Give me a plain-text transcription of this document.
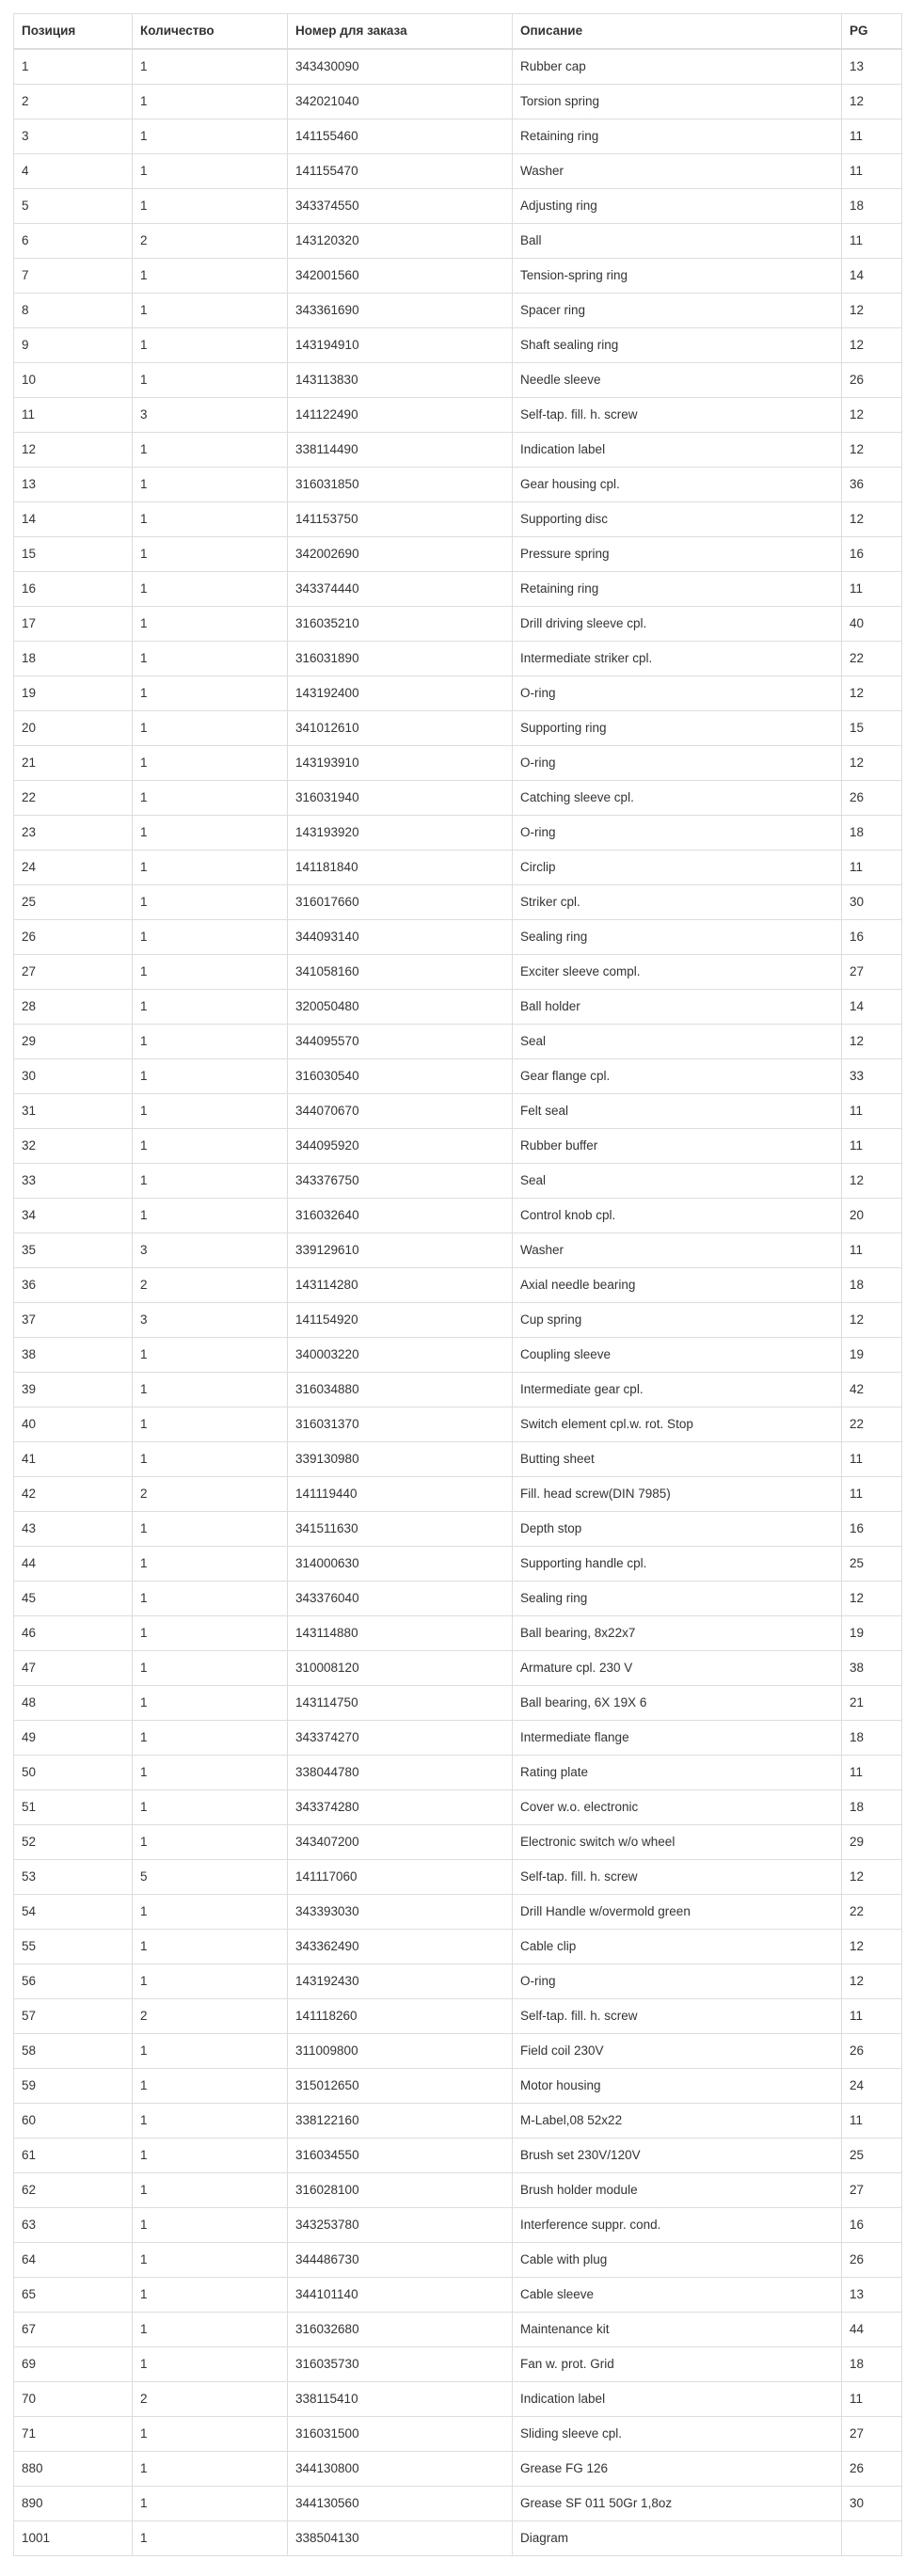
Позиция	Количество	Номер для заказа	Описание	PG
1	1	343430090	Rubber cap	13
2	1	342021040	Torsion spring	12
3	1	141155460	Retaining ring	11
4	1	141155470	Washer	11
5	1	343374550	Adjusting ring	18
6	2	143120320	Ball	11
7	1	342001560	Tension-spring ring	14
8	1	343361690	Spacer ring	12
9	1	143194910	Shaft sealing ring	12
10	1	143113830	Needle sleeve	26
11	3	141122490	Self-tap. fill. h. screw	12
12	1	338114490	Indication label	12
13	1	316031850	Gear housing cpl.	36
14	1	141153750	Supporting disc	12
15	1	342002690	Pressure spring	16
16	1	343374440	Retaining ring	11
17	1	316035210	Drill driving sleeve cpl.	40
18	1	316031890	Intermediate striker cpl.	22
19	1	143192400	O-ring	12
20	1	341012610	Supporting ring	15
21	1	143193910	O-ring	12
22	1	316031940	Catching sleeve cpl.	26
23	1	143193920	O-ring	18
24	1	141181840	Circlip	11
25	1	316017660	Striker cpl.	30
26	1	344093140	Sealing ring	16
27	1	341058160	Exciter sleeve compl.	27
28	1	320050480	Ball holder	14
29	1	344095570	Seal	12
30	1	316030540	Gear flange cpl.	33
31	1	344070670	Felt seal	11
32	1	344095920	Rubber buffer	11
33	1	343376750	Seal	12
34	1	316032640	Control knob cpl.	20
35	3	339129610	Washer	11
36	2	143114280	Axial needle bearing	18
37	3	141154920	Cup spring	12
38	1	340003220	Coupling sleeve	19
39	1	316034880	Intermediate gear cpl.	42
40	1	316031370	Switch element cpl.w. rot. Stop	22
41	1	339130980	Butting sheet	11
42	2	141119440	Fill. head screw(DIN 7985)	11
43	1	341511630	Depth stop	16
44	1	314000630	Supporting handle cpl.	25
45	1	343376040	Sealing ring	12
46	1	143114880	Ball bearing, 8x22x7	19
47	1	310008120	Armature cpl. 230 V	38
48	1	143114750	Ball bearing, 6X 19X 6	21
49	1	343374270	Intermediate flange	18
50	1	338044780	Rating plate	11
51	1	343374280	Cover w.o. electronic	18
52	1	343407200	Electronic switch w/o wheel	29
53	5	141117060	Self-tap. fill. h. screw	12
54	1	343393030	Drill Handle w/overmold green	22
55	1	343362490	Cable clip	12
56	1	143192430	O-ring	12
57	2	141118260	Self-tap. fill. h. screw	11
58	1	311009800	Field coil 230V	26
59	1	315012650	Motor housing	24
60	1	338122160	M-Label,08 52x22	11
61	1	316034550	Brush set 230V/120V	25
62	1	316028100	Brush holder module	27
63	1	343253780	Interference suppr. cond.	16
64	1	344486730	Cable with plug	26
65	1	344101140	Cable sleeve	13
67	1	316032680	Maintenance kit	44
69	1	316035730	Fan w. prot. Grid	18
70	2	338115410	Indication label	11
71	1	316031500	Sliding sleeve cpl.	27
880	1	344130800	Grease FG 126	26
890	1	344130560	Grease SF 011 50Gr 1,8oz	30
1001	1	338504130	Diagram	
